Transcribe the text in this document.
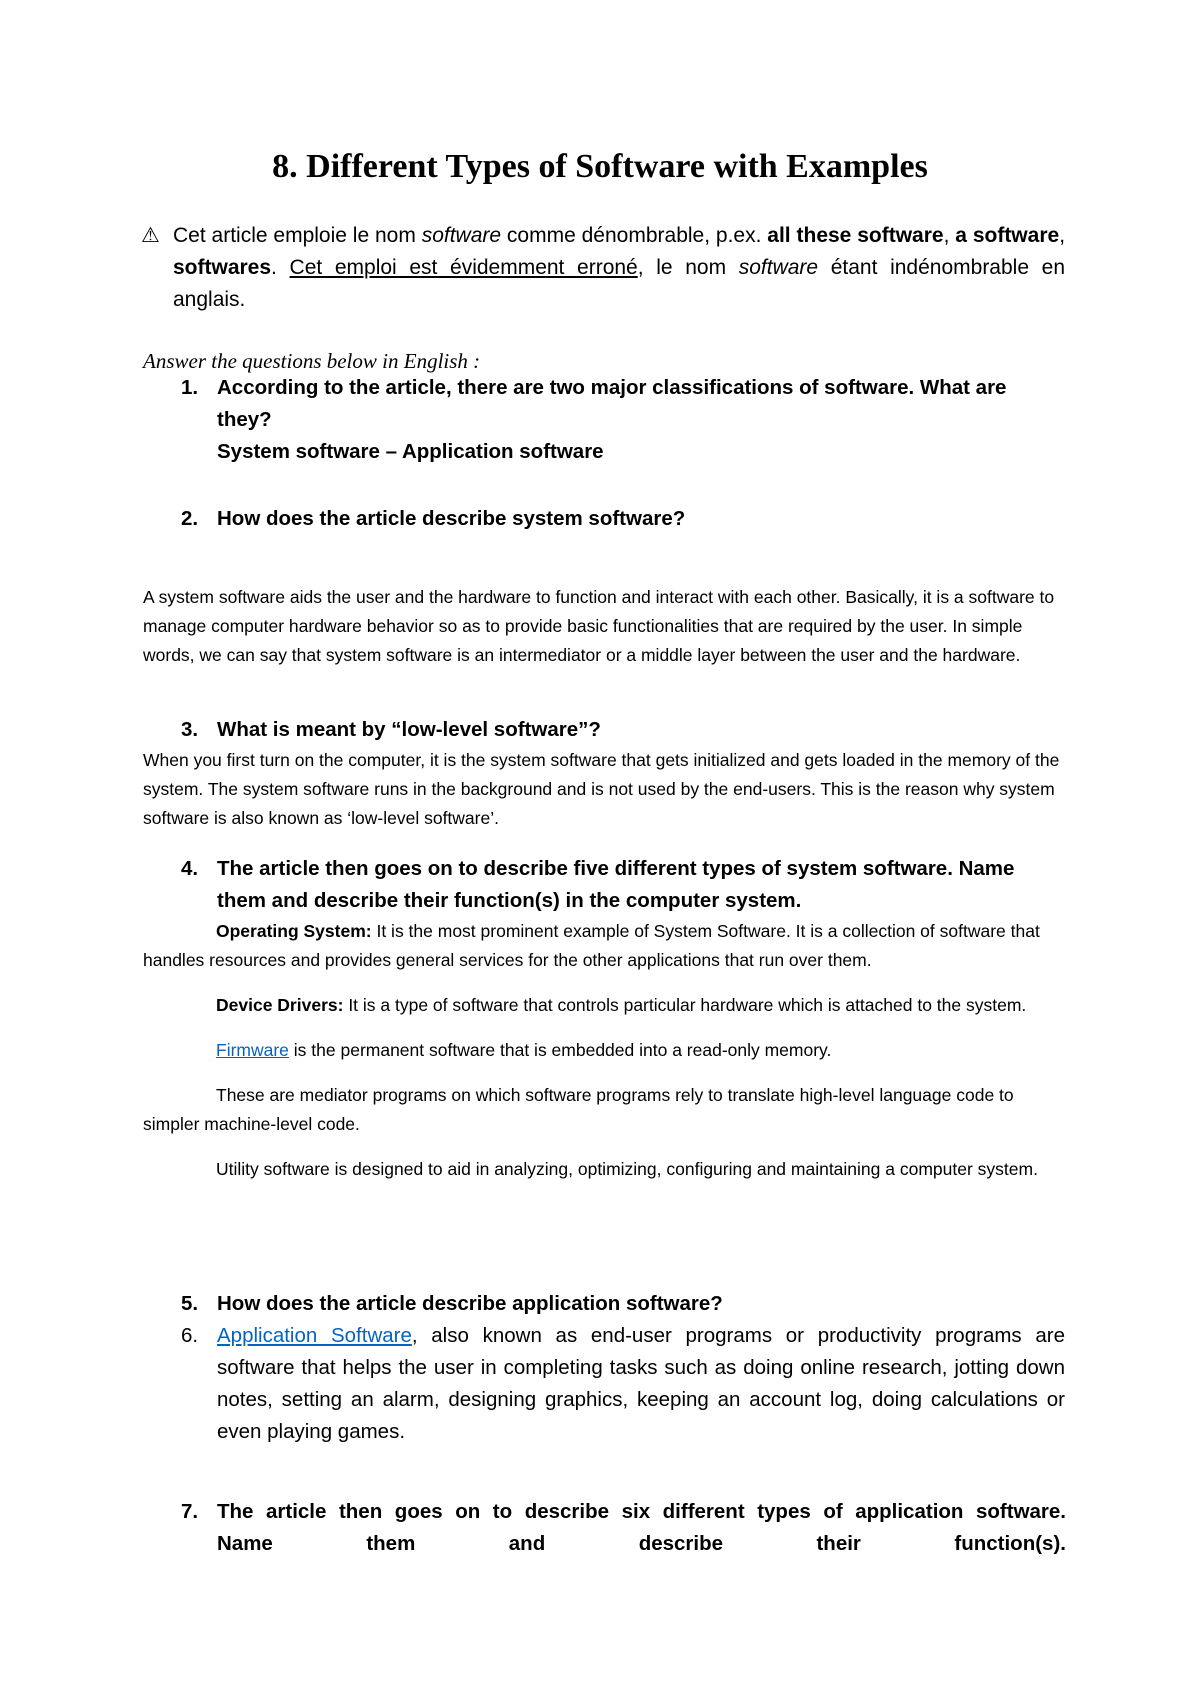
8. Different Types of Software with Examples

⚠ Cet article emploie le nom software comme dénombrable, p.ex. all these software, a software, softwares. Cet emploi est évidemment erroné, le nom software étant indénombrable en anglais.

Answer the questions below in English :
1. According to the article, there are two major classifications of software. What are they?
System software – Application software
2. How does the article describe system software?

A system software aids the user and the hardware to function and interact with each other. Basically, it is a software to manage computer hardware behavior so as to provide basic functionalities that are required by the user. In simple words, we can say that system software is an intermediator or a middle layer between the user and the hardware.

3. What is meant by “low-level software”?

When you first turn on the computer, it is the system software that gets initialized and gets loaded in the memory of the system. The system software runs in the background and is not used by the end-users. This is the reason why system software is also known as ‘low-level software’.

4. The article then goes on to describe five different types of system software. Name them and describe their function(s) in the computer system.

Operating System: It is the most prominent example of System Software. It is a collection of software that handles resources and provides general services for the other applications that run over them.

Device Drivers: It is a type of software that controls particular hardware which is attached to the system.

Firmware is the permanent software that is embedded into a read-only memory.

These are mediator programs on which software programs rely to translate high-level language code to simpler machine-level code.

Utility software is designed to aid in analyzing, optimizing, configuring and maintaining a computer system.

5. How does the article describe application software?
6. Application Software, also known as end-user programs or productivity programs are software that helps the user in completing tasks such as doing online research, jotting down notes, setting an alarm, designing graphics, keeping an account log, doing calculations or even playing games.
7. The article then goes on to describe six different types of application software.
Name	them	and	describe	their	function(s).
